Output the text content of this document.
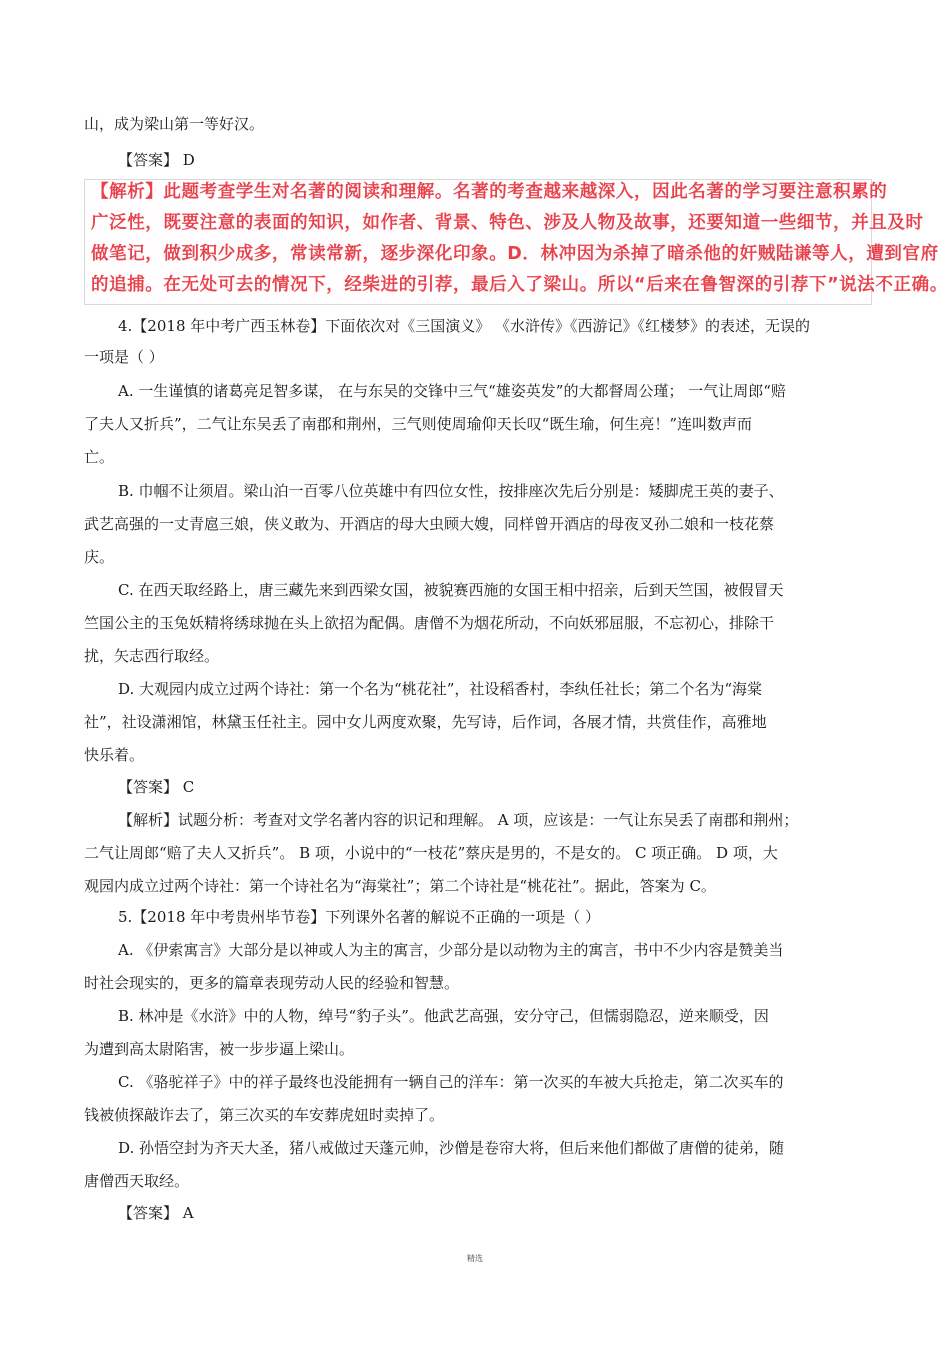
山，成为梁山第一等好汉。
【答案】 D
4.【2018 年中考广西玉林卷】下面依次对《三国演义》 《水浒传》《西游记》《红楼梦》的表述，无误的
一项是（ ）
A. 一生谨慎的诸葛亮足智多谋， 在与东吴的交锋中三气“雄姿英发”的大都督周公瑾； 一气让周郎“赔
了夫人又折兵”，二气让东吴丢了南郡和荆州，三气则使周瑜仰天长叹“既生瑜，何生亮！”连叫数声而
亡。
B. 巾帼不让须眉。梁山泊一百零八位英雄中有四位女性，按排座次先后分别是：矮脚虎王英的妻子、
武艺高强的一丈青扈三娘，侠义敢为、开酒店的母大虫顾大嫂，同样曾开酒店的母夜叉孙二娘和一枝花蔡
庆。
C. 在西天取经路上，唐三藏先来到西梁女国，被貌赛西施的女国王相中招亲，后到天竺国，被假冒天
竺国公主的玉兔妖精将绣球抛在头上欲招为配偶。唐僧不为烟花所动，不向妖邪屈服，不忘初心，排除干
扰，矢志西行取经。
D. 大观园内成立过两个诗社：第一个名为“桃花社”，社设稻香村，李纨任社长；第二个名为“海棠
社”，社设潇湘馆，林黛玉任社主。园中女儿两度欢聚，先写诗，后作词，各展才情，共赏佳作，高雅地
快乐着。
【答案】 C
【解析】试题分析：考查对文学名著内容的识记和理解。 A 项，应该是：一气让东吴丢了南郡和荆州；
二气让周郎“赔了夫人又折兵”。 B 项，小说中的“一枝花”蔡庆是男的，不是女的。 C 项正确。 D 项，大
观园内成立过两个诗社：第一个诗社名为“海棠社”；第二个诗社是“桃花社”。据此，答案为 C。
5.【2018 年中考贵州毕节卷】下列课外名著的解说不正确的一项是（ ）
A. 《伊索寓言》大部分是以神或人为主的寓言，少部分是以动物为主的寓言，书中不少内容是赞美当
时社会现实的，更多的篇章表现劳动人民的经验和智慧。
B. 林冲是《水浒》中的人物，绰号“豹子头”。他武艺高强，安分守己，但懦弱隐忍，逆来顺受，因
为遭到高太尉陷害，被一步步逼上梁山。
C. 《骆驼祥子》中的祥子最终也没能拥有一辆自己的洋车：第一次买的车被大兵抢走，第二次买车的
钱被侦探敲诈去了，第三次买的车安葬虎妞时卖掉了。
D. 孙悟空封为齐天大圣，猪八戒做过天蓬元帅，沙僧是卷帘大将，但后来他们都做了唐僧的徒弟，随
唐僧西天取经。
【答案】 A
【解析】此题考查学生对名著的阅读和理解。名著的考查越来越深入，因此名著的学习要注意积累的
广泛性，既要注意的表面的知识，如作者、背景、特色、涉及人物及故事，还要知道一些细节，并且及时
做笔记，做到积少成多，常读常新，逐步深化印象。D．林冲因为杀掉了暗杀他的奸贼陆谦等人，遭到官府
的追捕。在无处可去的情况下，经柴进的引荐，最后入了梁山。所以“后来在鲁智深的引荐下”说法不正确。
精选
